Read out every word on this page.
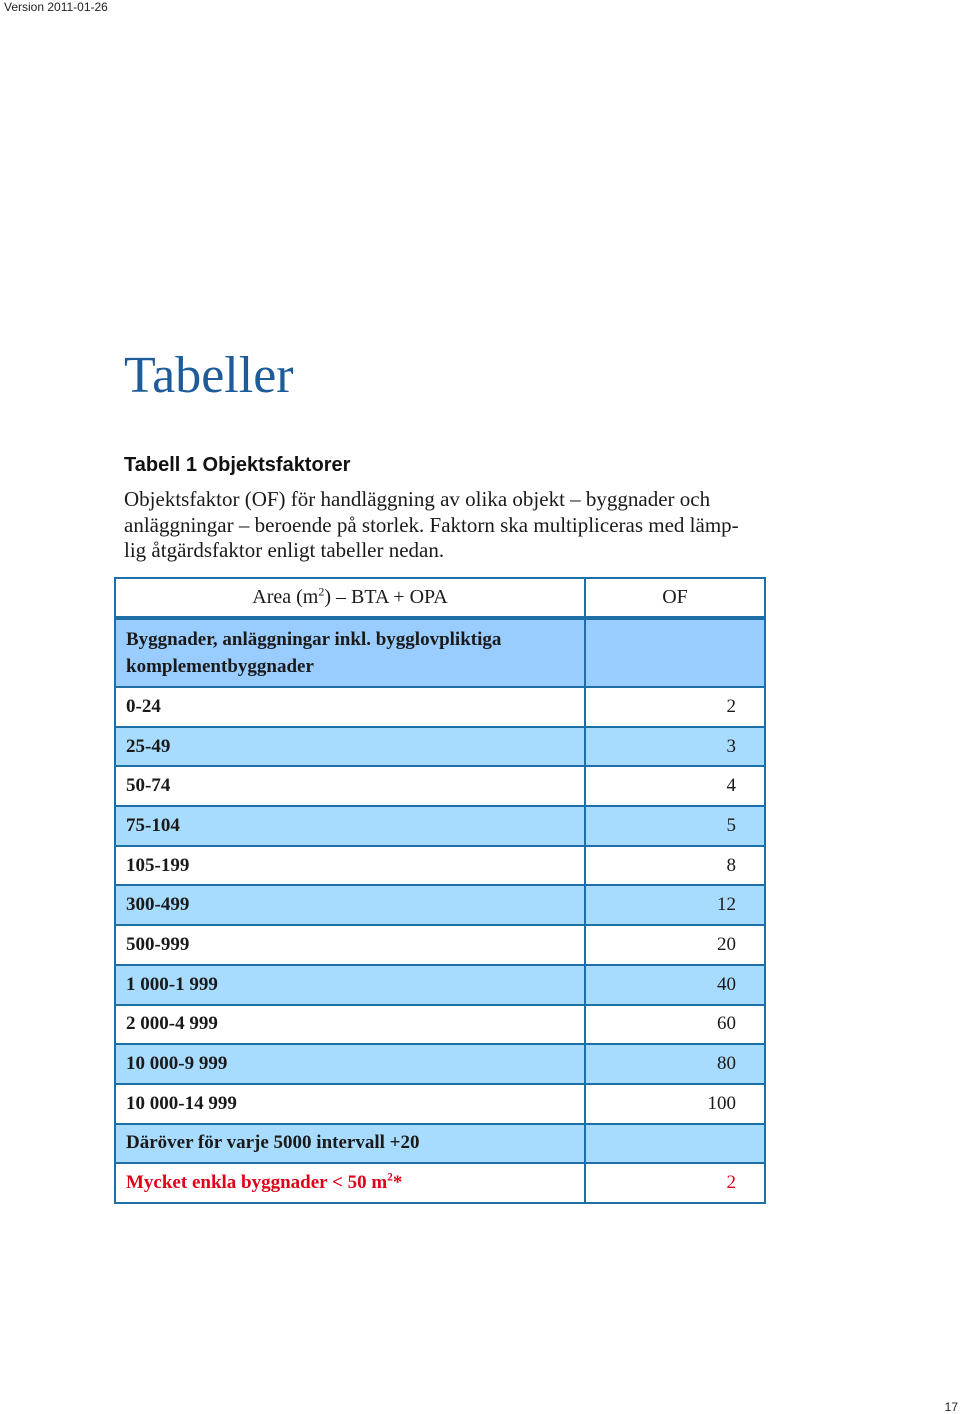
Version 2011-01-26
Tabeller
Tabell 1 Objektsfaktorer

Objektsfaktor (OF) för handläggning av olika objekt – byggnader och
anläggningar – beroende på storlek. Faktorn ska multipliceras med lämp-
lig åtgärdsfaktor enligt tabeller nedan.

Area $(m^2)$ – BTA + OPA	OF
Byggnader, anläggningar inkl. bygglovpliktiga komplementbyggnader	
0-24	2
25-49	3
50-74	4
75-104	5
105-199	8
300-499	12
500-999	20
1 000-1 999	40
2 000-4 999	60
10 000-9 999	80
10 000-14 999	100
Däröver för varje 5000 intervall +20	
Mycket enkla byggnader < 50 $m^2*$	2
17
